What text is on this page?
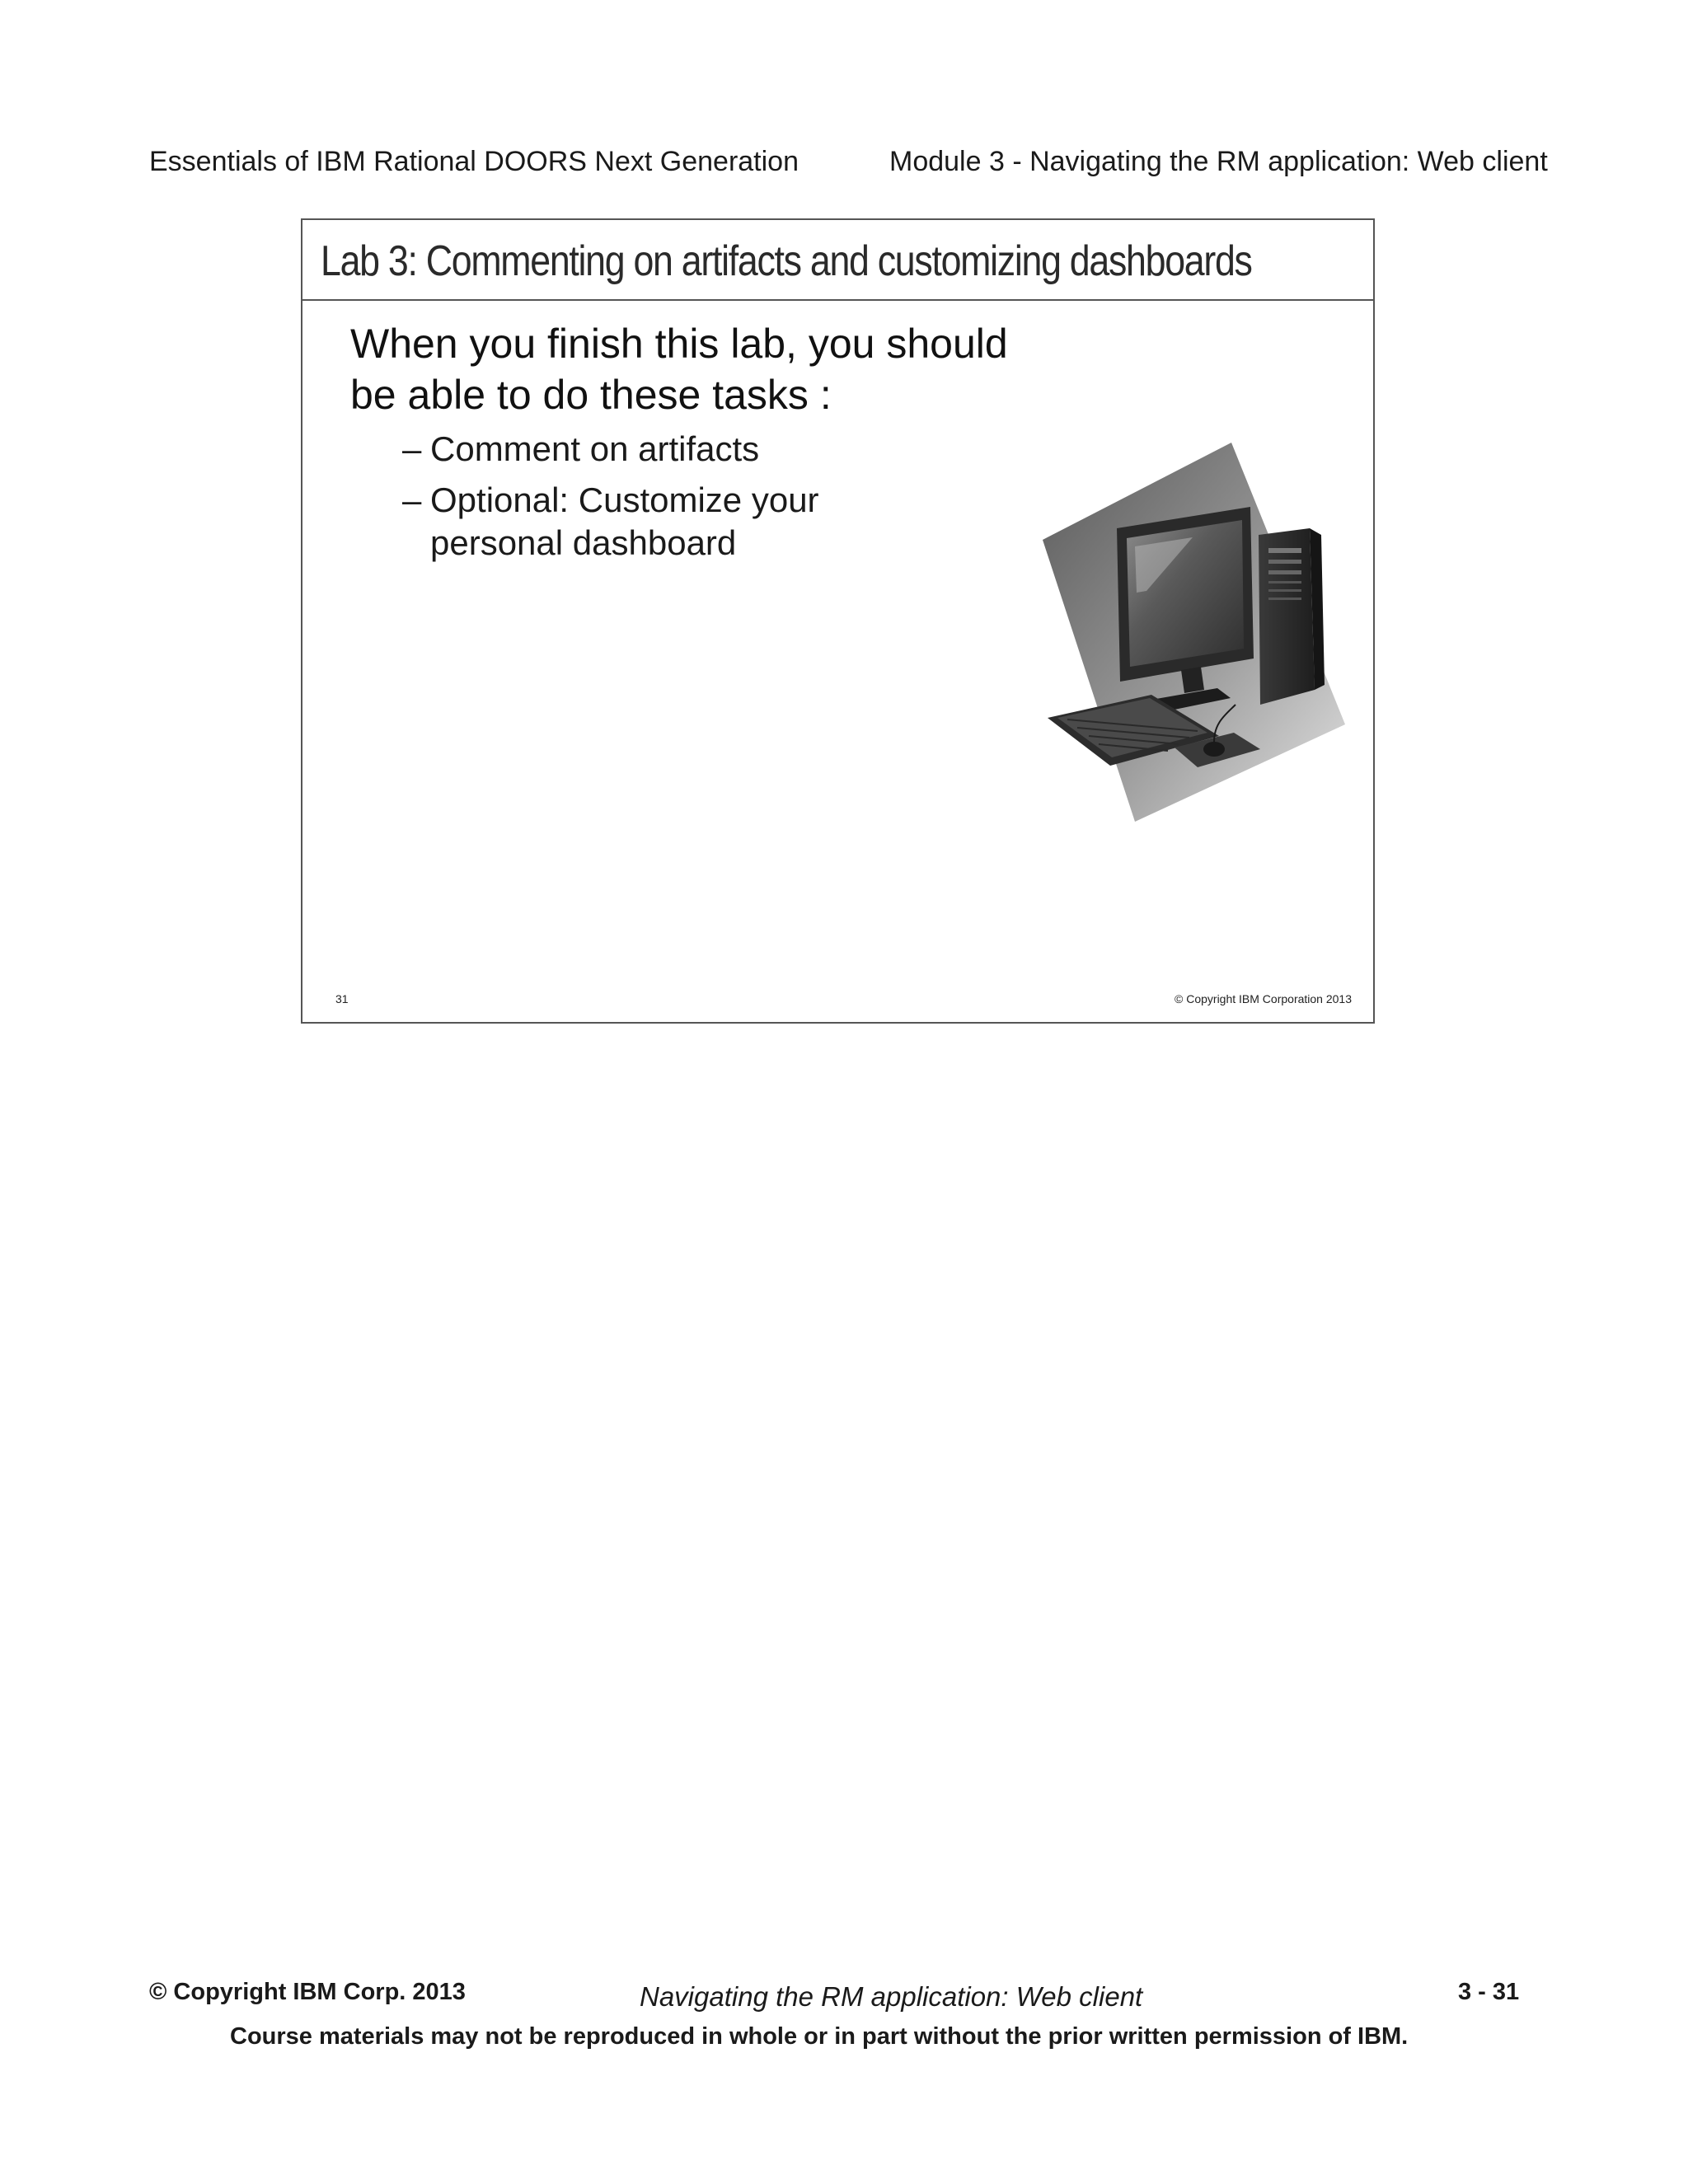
Essentials of IBM Rational DOORS Next Generation	Module 3 - Navigating the RM application: Web client
Lab 3: Commenting on artifacts and customizing dashboards
When you finish this lab, you should be able to do these tasks :
– Comment on artifacts
– Optional: Customize your personal dashboard
31	© Copyright IBM Corporation 2013
© Copyright IBM Corp. 2013	Navigating the RM application: Web client	3 - 31
Course materials may not be reproduced in whole or in part without the prior written permission of IBM.
